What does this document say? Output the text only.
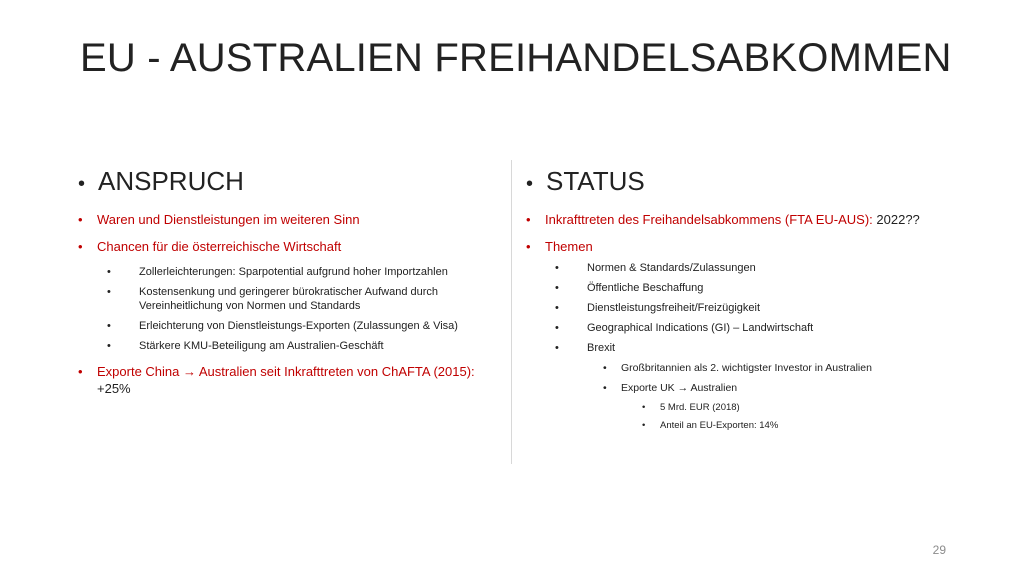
EU - AUSTRALIEN FREIHANDELSABKOMMEN
• ANSPRUCH
•	Waren und Dienstleistungen im weiteren Sinn
•	Chancen für die österreichische Wirtschaft
•	Zollerleichterungen: Sparpotential aufgrund hoher Importzahlen
•	Kostensenkung und geringerer bürokratischer Aufwand durch Vereinheitlichung von Normen und Standards
•	Erleichterung von Dienstleistungs-Exporten (Zulassungen & Visa)
•	Stärkere KMU-Beteiligung am Australien-Geschäft
•	Exporte China → Australien seit Inkrafttreten von ChAFTA (2015): +25%
• STATUS
•	Inkrafttreten des Freihandelsabkommens (FTA EU-AUS): 2022??
•	Themen
•	Normen & Standards/Zulassungen
•	Öffentliche Beschaffung
•	Dienstleistungsfreiheit/Freizügigkeit
•	Geographical Indications (GI) – Landwirtschaft
•	Brexit
•	Großbritannien als 2. wichtigster Investor in Australien
•	Exporte UK → Australien
•	5 Mrd. EUR (2018)
•	Anteil an EU-Exporten: 14%
29
